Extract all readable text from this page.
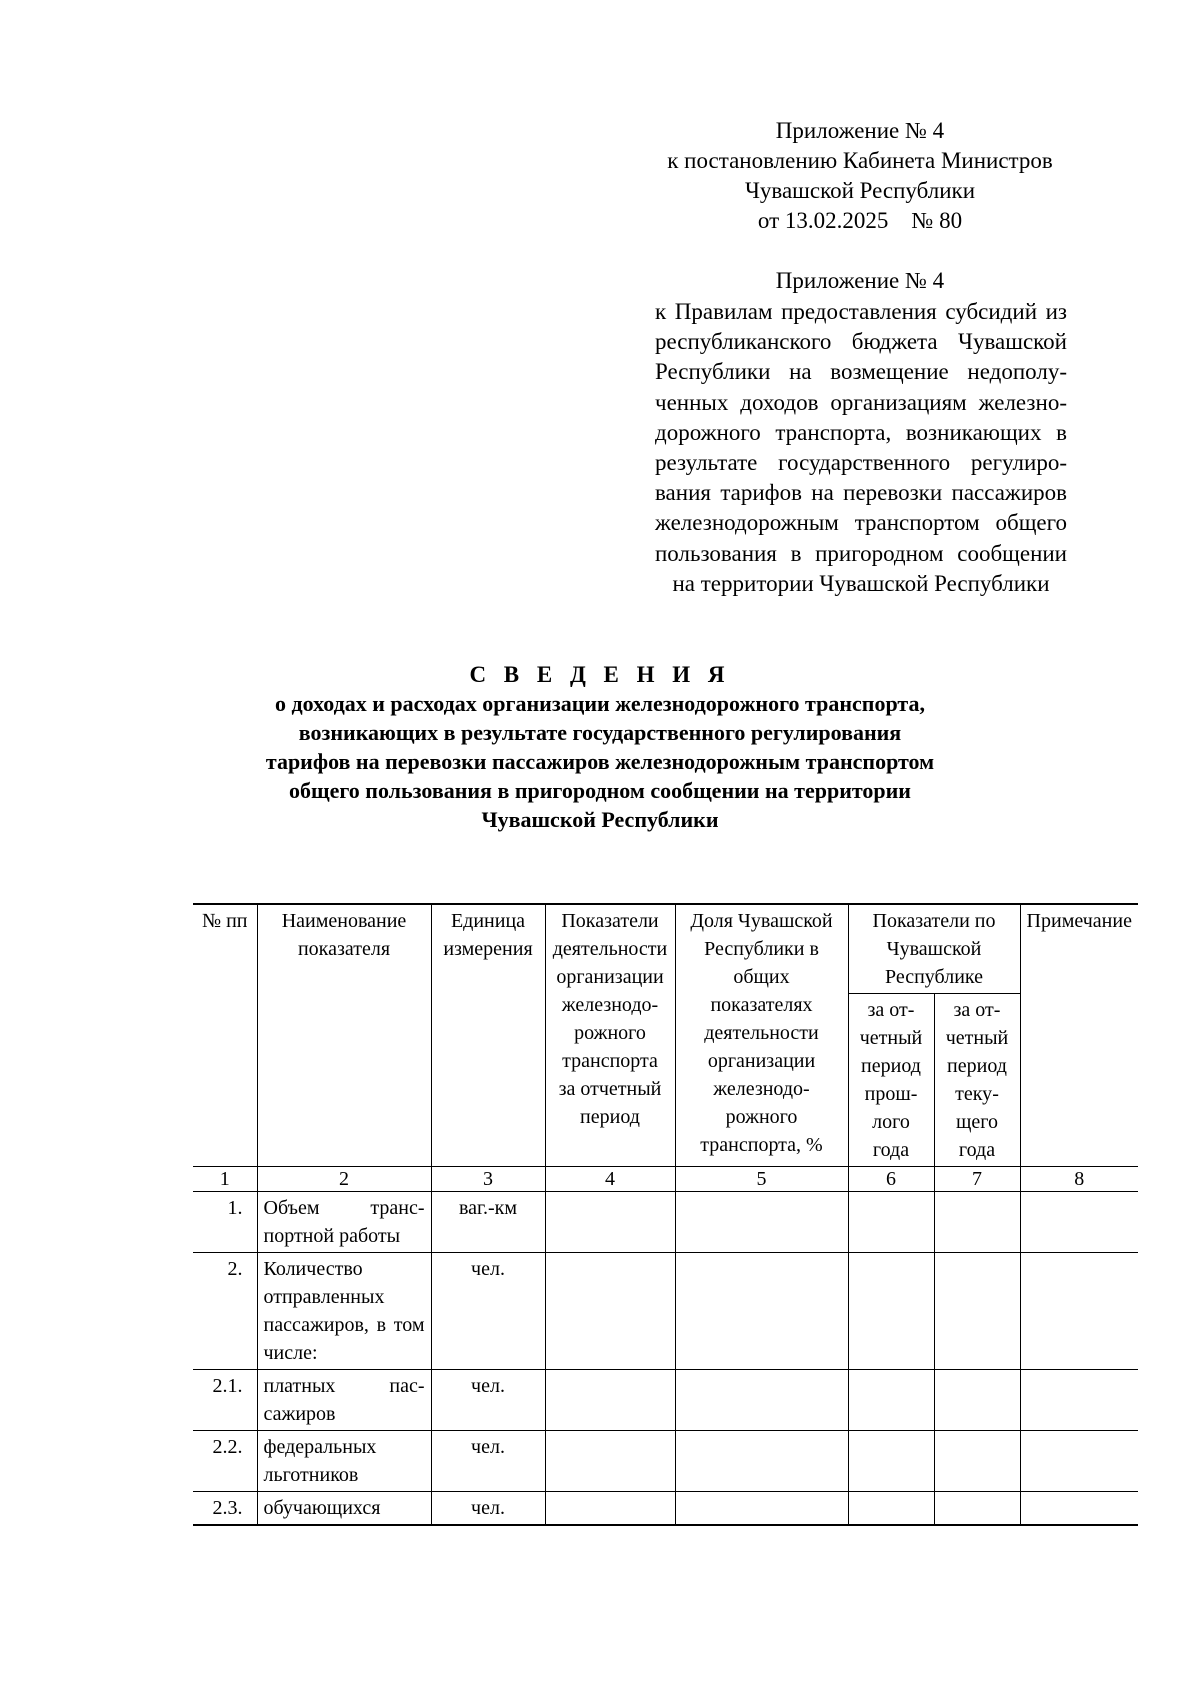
Приложение № 4
к постановлению Кабинета Министров
Чувашской Республики
от 13.02.2025    № 80
Приложение № 4
к Правилам предоставления субсидий из республиканского бюджета Чувашской Республики на возмещение недополученных доходов организациям железнодорожного транспорта, возникающих в результате государственного регулирования тарифов на перевозки пассажиров железнодорожным транспортом общего пользования в пригородном сообщении на территории Чувашской Республики
С В Е Д Е Н И Я
о доходах и расходах организации железнодорожного транспорта,
возникающих в результате государственного регулирования
тарифов на перевозки пассажиров железнодорожным транспортом
общего пользования в пригородном сообщении на территории
Чувашской Республики
№ пп	Наименование показателя	Единица измерения	Показатели деятельности организации железнодорожного транспорта за отчетный период	Доля Чувашской Республики в общих показателях деятельности организации железнодорожного транспорта, %	Показатели по Чувашской Республике		Примечание
					за отчетный период прошлого года	за отчетный период текущего года	
1	2	3	4	5	6	7	8
1.	Объем транспортной работы	ваг.-км					
2.	Количество отправленных пассажиров, в том числе:	чел.					
2.1.	платных пассажиров	чел.					
2.2.	федеральных льготников	чел.					
2.3.	обучающихся	чел.					
